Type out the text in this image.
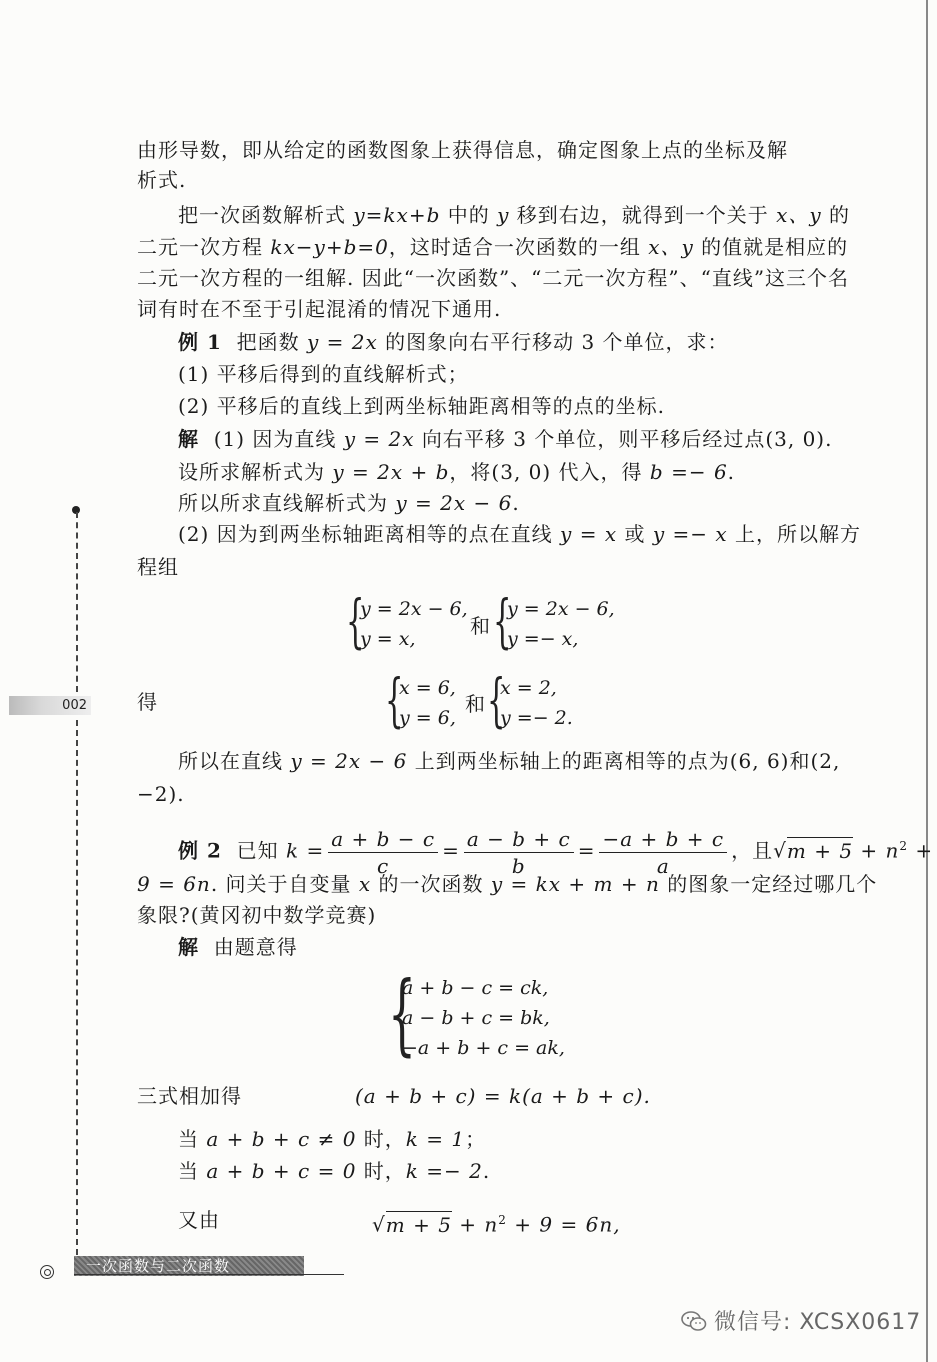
由形导数，即从给定的函数图象上获得信息，确定图象上点的坐标及解
析式.
把一次函数解析式 y=kx+b 中的 y 移到右边，就得到一个关于 x、y 的
二元一次方程 kx−y+b=0，这时适合一次函数的一组 x、y 的值就是相应的
二元一次方程的一组解. 因此“一次函数”、“二元一次方程”、“直线”这三个名
词有时在不至于引起混淆的情况下通用.
例 1 把函数 y = 2x 的图象向右平行移动 3 个单位，求：
(1) 平移后得到的直线解析式；
(2) 平移后的直线上到两坐标轴距离相等的点的坐标.
解 (1) 因为直线 y = 2x 向右平移 3 个单位，则平移后经过点(3, 0).
设所求解析式为 y = 2x + b，将(3, 0) 代入，得 b =− 6.
所以所求直线解析式为 y = 2x − 6.
(2) 因为到两坐标轴距离相等的点在直线 y = x 或 y =− x 上，所以解方
程组
{
y = 2x − 6,
y = x,
和 {
y = 2x − 6,
y =− x,
得	{
x = 6,
y = 6,
和 {
x = 2,
y =− 2.
所以在直线 y = 2x − 6 上到两坐标轴上的距离相等的点为(6, 6)和(2,
−2).
例 2 已知 $k = \frac{a + b - c}{c} = \frac{a - b + c}{b} = \frac{-a + b + c}{a}$ ，且$√m + 5 + n^2$ +
9 = 6n. 问关于自变量 x 的一次函数 y = kx + m + n 的图象一定经过哪几个
象限?(黄冈初中数学竞赛)
解 由题意得
{
a + b − c = ck,
a − b + c = bk,
−a + b + c = ak,
三式相加得	(a + b + c) = k(a + b + c).
当 a + b + c ≠ 0 时，k = 1；
当 a + b + c = 0 时，k =− 2.
又由	$√m + 5 + n^2 + 9 = 6n$,
002
一次函数与二次函数
微信号: XCSX0617
